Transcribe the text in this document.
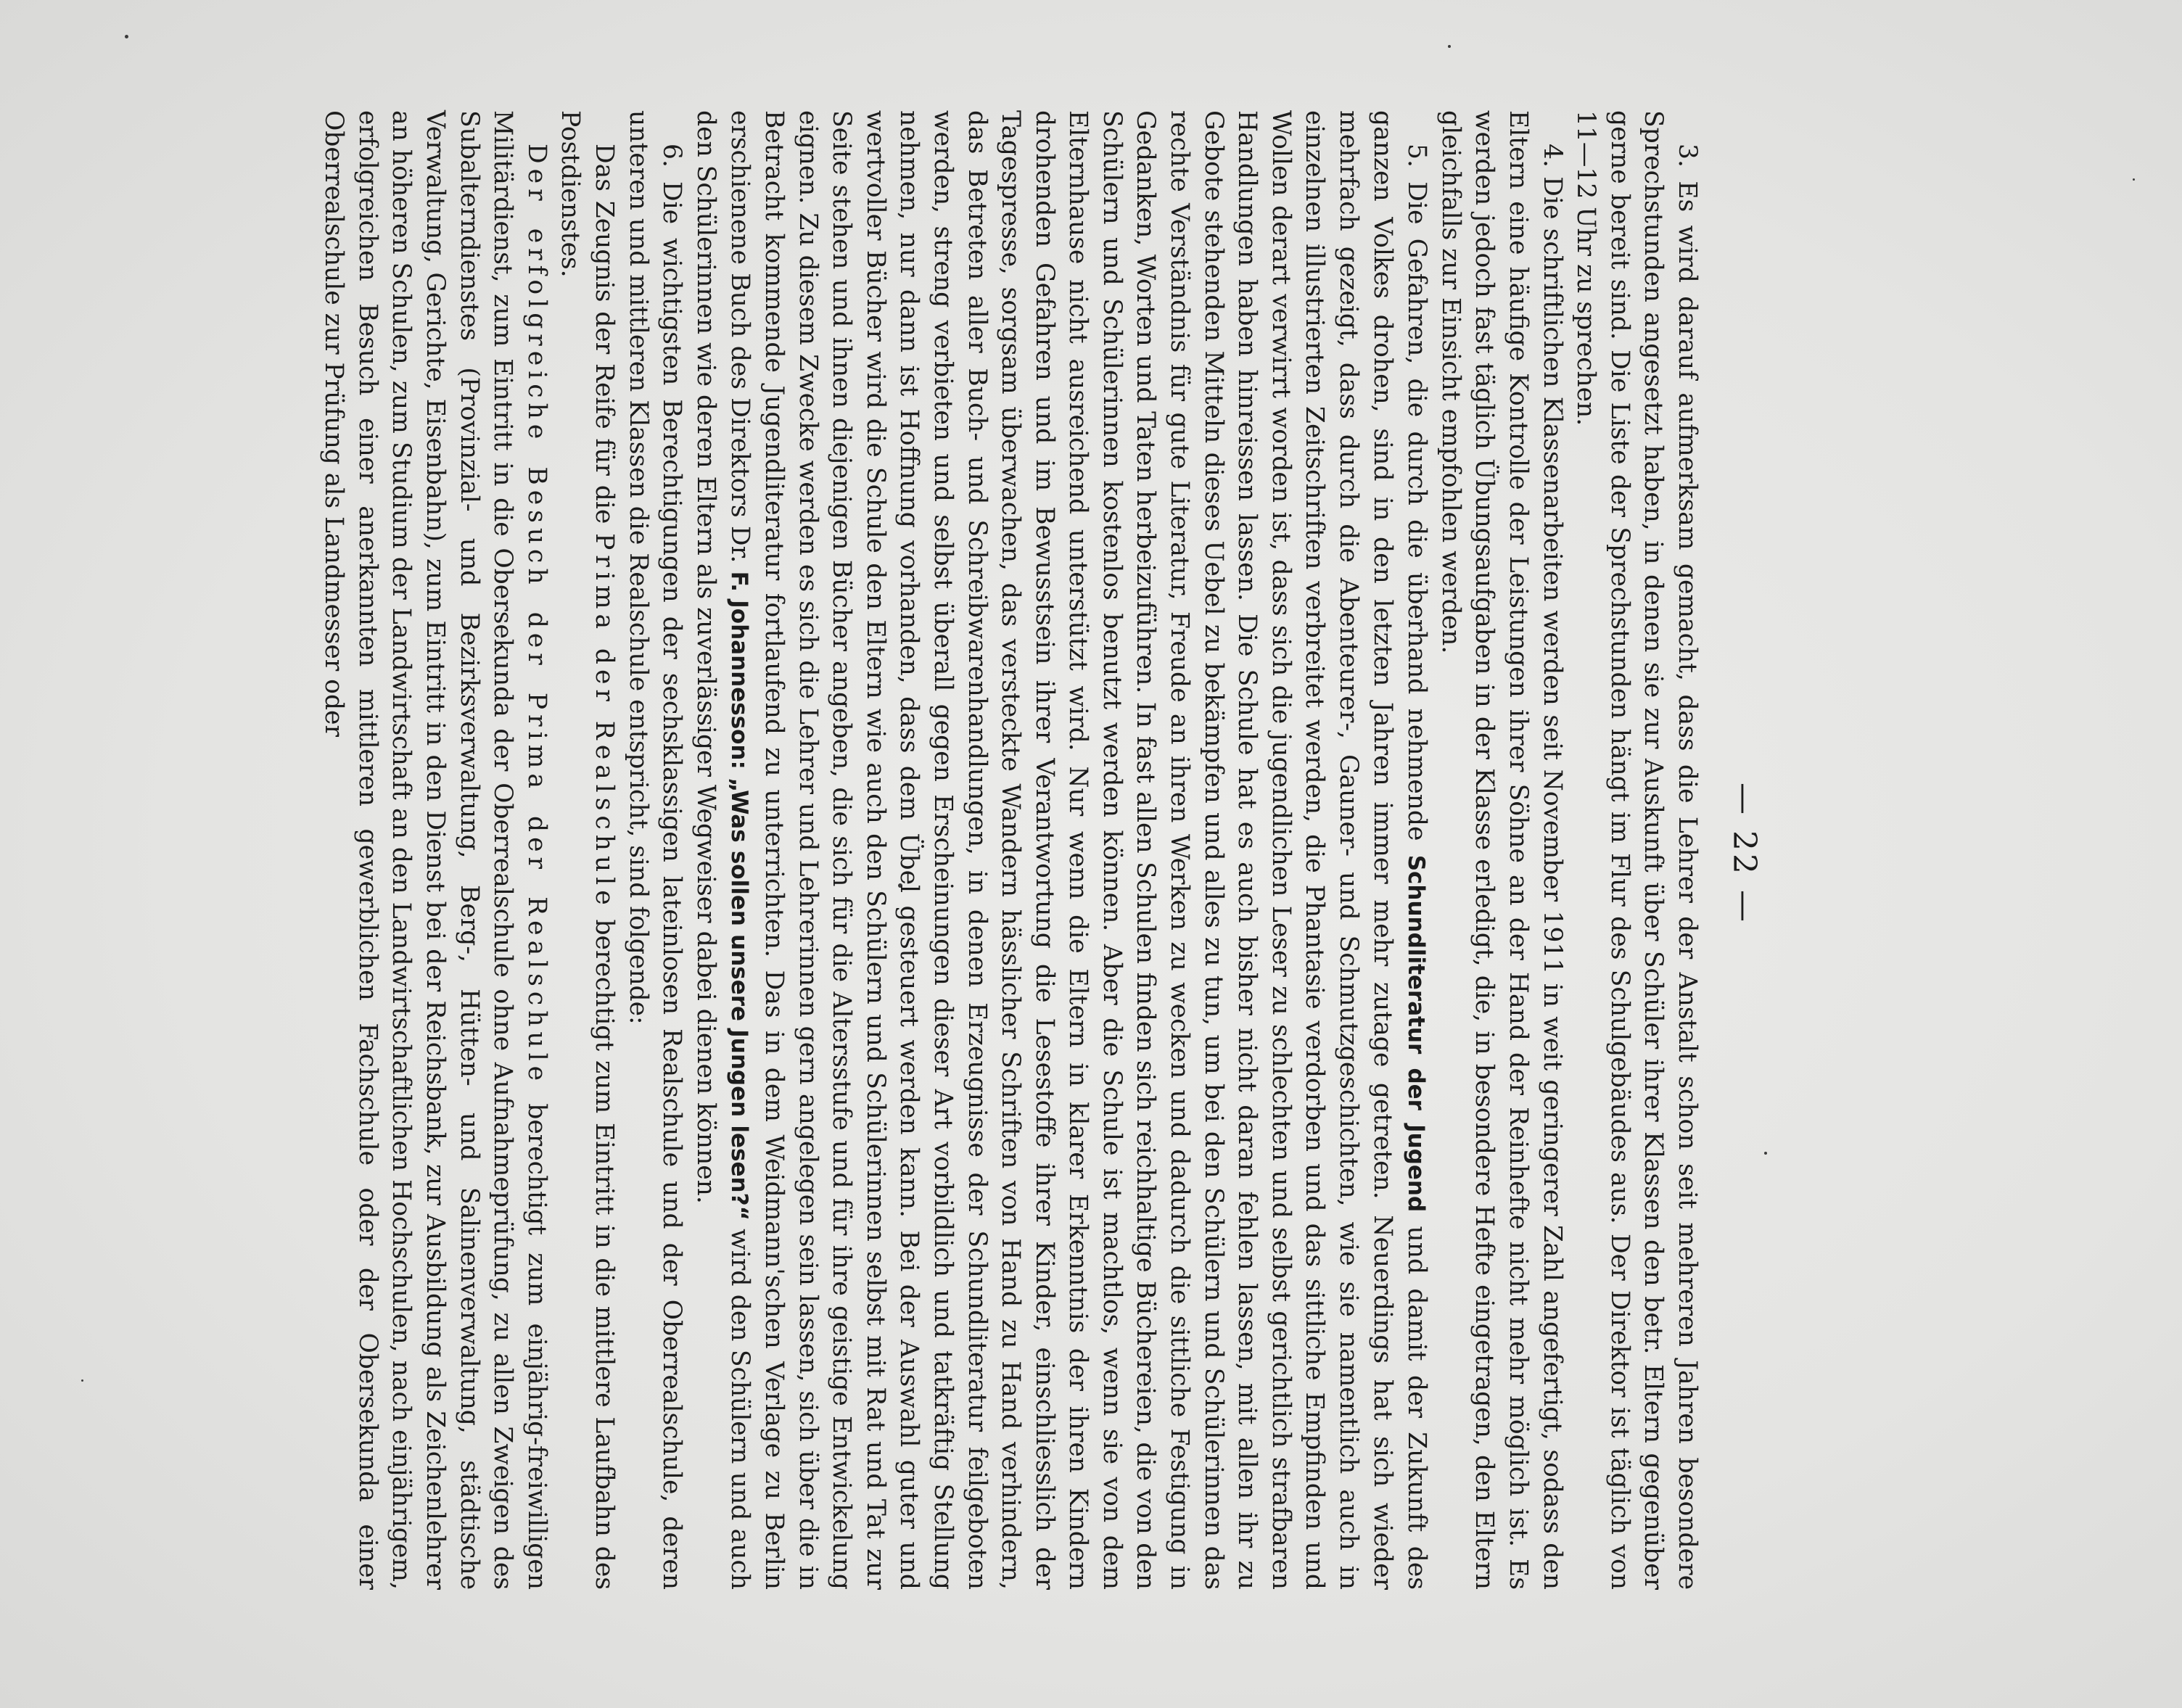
— 22 —

3. Es wird darauf aufmerksam gemacht, dass die Lehrer der Anstalt schon seit mehreren Jahren besondere Sprechstunden angesetzt haben, in denen sie zur Auskunft über Schüler ihrer Klassen den betr. Eltern gegenüber gerne bereit sind. Die Liste der Sprechstunden hängt im Flur des Schulgebäudes aus. Der Direktor ist täglich von 11—12 Uhr zu sprechen.

4. Die schriftlichen Klassenarbeiten werden seit November 1911 in weit geringerer Zahl angefertigt, sodass den Eltern eine häufige Kontrolle der Leistungen ihrer Söhne an der Hand der Reinhefte nicht mehr möglich ist. Es werden jedoch fast täglich Übungsaufgaben in der Klasse erledigt, die, in besondere Hefte eingetragen, den Eltern gleichfalls zur Einsicht empfohlen werden.

5. Die Gefahren, die durch die überhand nehmende Schundliteratur der Jugend und damit der Zukunft des ganzen Volkes drohen, sind in den letzten Jahren immer mehr zutage getreten. Neuerdings hat sich wieder mehrfach gezeigt, dass durch die Abenteurer-, Gauner- und Schmutzgeschichten, wie sie namentlich auch in einzelnen illustrierten Zeitschriften verbreitet werden, die Phantasie verdorben und das sittliche Empfinden und Wollen derart verwirrt worden ist, dass sich die jugendlichen Leser zu schlechten und selbst gerichtlich strafbaren Handlungen haben hinreissen lassen. Die Schule hat es auch bisher nicht daran fehlen lassen, mit allen ihr zu Gebote stehenden Mitteln dieses Uebel zu bekämpfen und alles zu tun, um bei den Schülern und Schülerinnen das rechte Verständnis für gute Literatur, Freude an ihren Werken zu wecken und dadurch die sittliche Festigung in Gedanken, Worten und Taten herbeizuführen. In fast allen Schulen finden sich reichhaltige Büchereien, die von den Schülern und Schülerinnen kostenlos benutzt werden können. Aber die Schule ist machtlos, wenn sie von dem Elternhause nicht ausreichend unterstützt wird. Nur wenn die Eltern in klarer Erkenntnis der ihren Kindern drohenden Gefahren und im Bewusstsein ihrer Verantwortung die Lesestoffe ihrer Kinder, einschliesslich der Tagespresse, sorgsam überwachen, das versteckte Wandern hässlicher Schriften von Hand zu Hand verhindern, das Betreten aller Buch- und Schreibwarenhandlungen, in denen Erzeugnisse der Schundliteratur feilgeboten werden, streng verbieten und selbst überall gegen Erscheinungen dieser Art vorbildlich und tatkräftig Stellung nehmen, nur dann ist Hoffnung vorhanden, dass dem Übel gesteuert werden kann. Bei der Auswahl guter und wertvoller Bücher wird die Schule den Eltern wie auch den Schülern und Schülerinnen selbst mit Rat und Tat zur Seite stehen und ihnen diejenigen Bücher angeben, die sich für die Altersstufe und für ihre geistige Entwickelung eignen. Zu diesem Zwecke werden es sich die Lehrer und Lehrerinnen gern angelegen sein lassen, sich über die in Betracht kommende Jugendliteratur fortlaufend zu unterrichten. Das in dem Weidmann'schen Verlage zu Berlin erschienene Buch des Direktors Dr. F. Johannesson: „Was sollen unsere Jungen lesen?“ wird den Schülern und auch den Schülerinnen wie deren Eltern als zuverlässiger Wegweiser dabei dienen können.

6. Die wichtigsten Berechtigungen der sechsklassigen lateinlosen Realschule und der Oberrealschule, deren unteren und mittleren Klassen die Realschule entspricht, sind folgende:

Das Zeugnis der Reife für die Prima der Realschule berechtigt zum Eintritt in die mittlere Laufbahn des Postdienstes.

Der erfolgreiche Besuch der Prima der Realschule berechtigt zum einjährig-freiwilligen Militärdienst, zum Eintritt in die Obersekunda der Oberrealschule ohne Aufnahmeprüfung, zu allen Zweigen des Subalterndienstes (Provinzial- und Bezirksverwaltung, Berg-, Hütten- und Salinenverwaltung, städtische Verwaltung, Gerichte, Eisenbahn), zum Eintritt in den Dienst bei der Reichsbank, zur Ausbildung als Zeichenlehrer an höheren Schulen, zum Studium der Landwirtschaft an den Landwirtschaftlichen Hochschulen, nach einjährigem, erfolgreichen Besuch einer anerkannten mittleren gewerblichen Fachschule oder der Obersekunda einer Oberrealschule zur Prüfung als Landmesser oder
